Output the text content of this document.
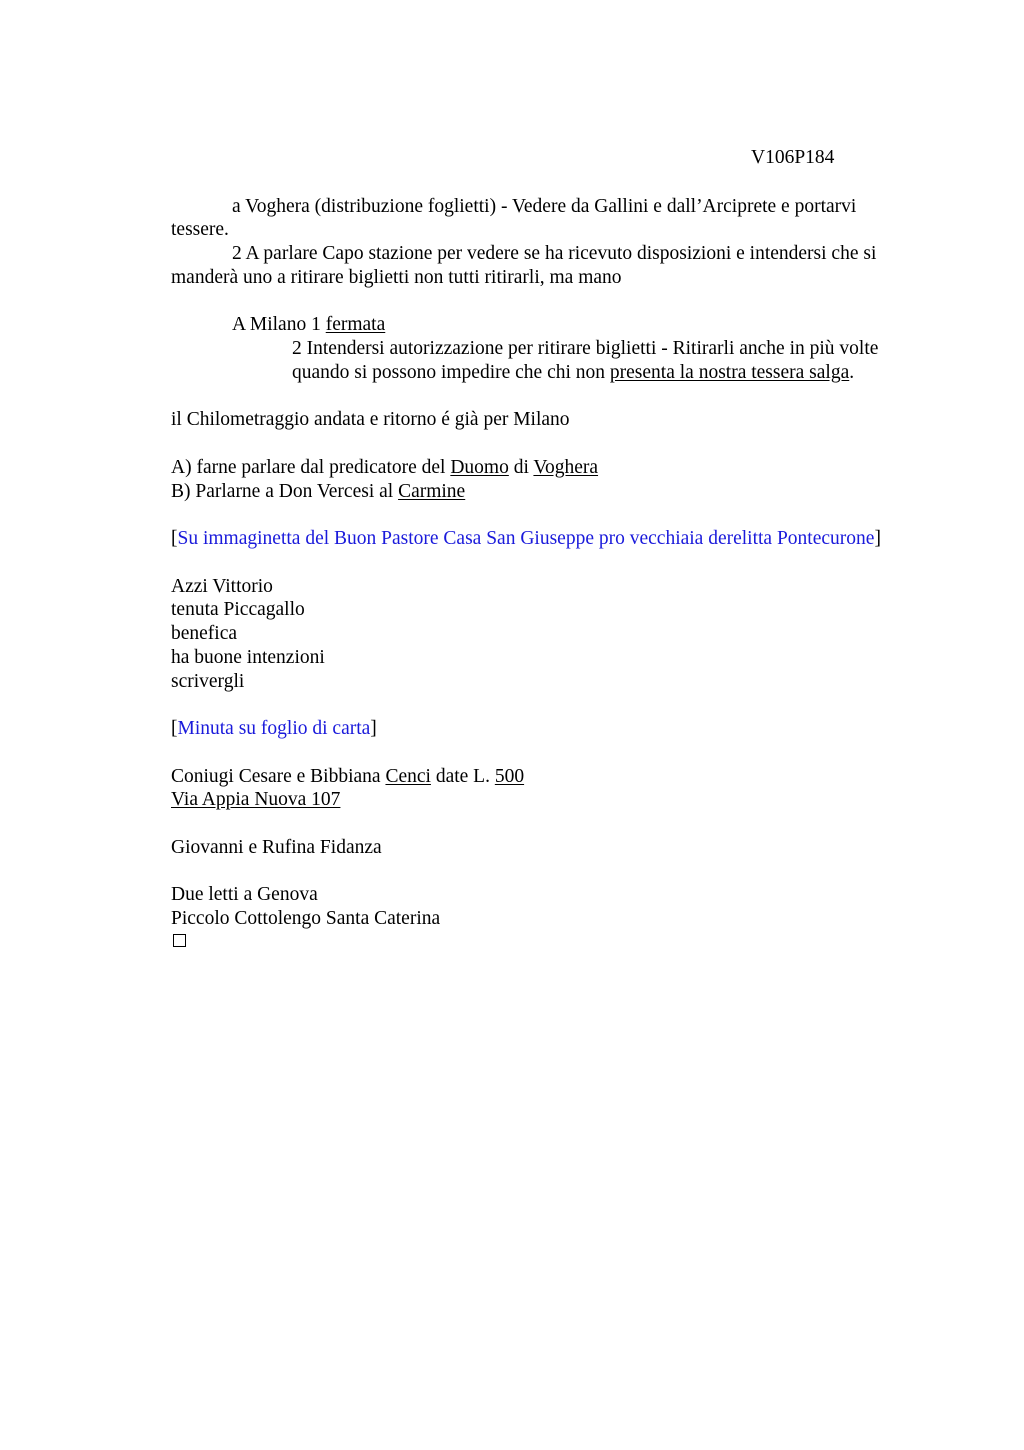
V106P184
a Voghera (distribuzione foglietti) - Vedere da Gallini e dall’Arciprete e portarvi
tessere.
2 A parlare Capo stazione per vedere se ha ricevuto disposizioni e intendersi che si
manderà uno a ritirare biglietti non tutti ritirarli, ma mano
A Milano 1 fermata
2 Intendersi autorizzazione per ritirare biglietti - Ritirarli anche in più volte
quando si possono impedire che chi non presenta la nostra tessera salga.
il Chilometraggio andata e ritorno é già per Milano
A) farne parlare dal predicatore del Duomo di Voghera
B) Parlarne a Don Vercesi al Carmine
[Su immaginetta del Buon Pastore Casa San Giuseppe pro vecchiaia derelitta Pontecurone]
Azzi Vittorio
tenuta Piccagallo
benefica
ha buone intenzioni
scrivergli
[Minuta su foglio di carta]
Coniugi Cesare e Bibbiana Cenci date L. 500
Via Appia Nuova 107
Giovanni e Rufina Fidanza
Due letti a Genova
Piccolo Cottolengo Santa Caterina
